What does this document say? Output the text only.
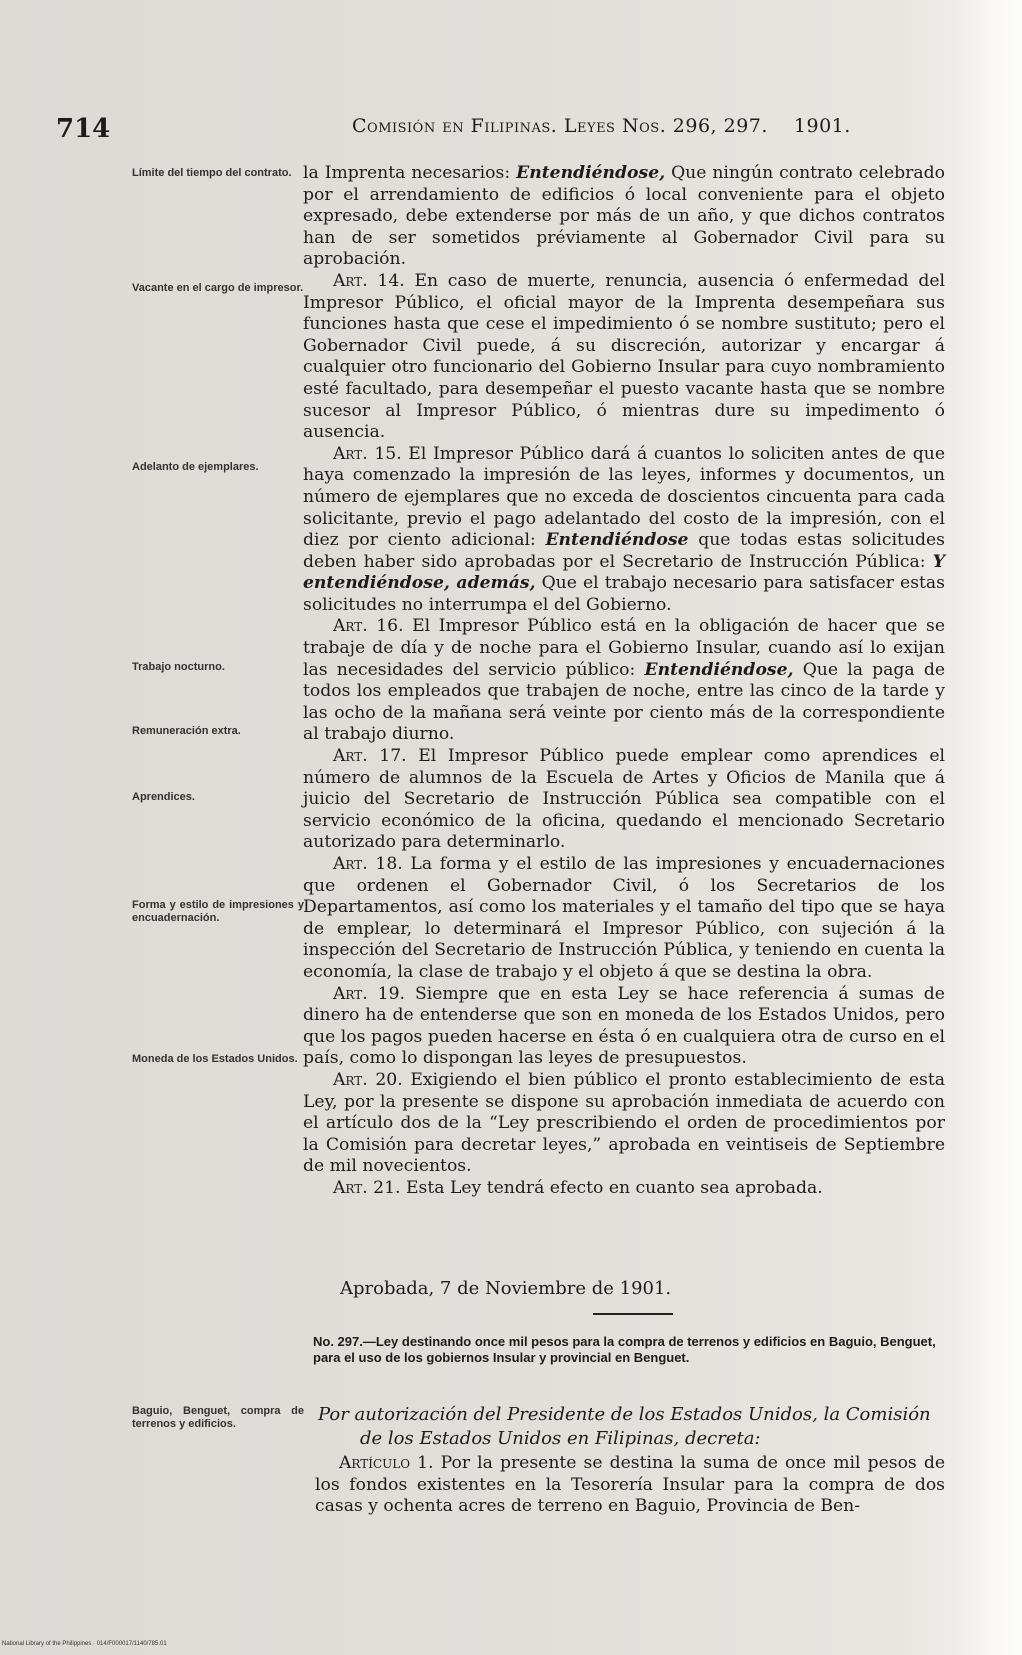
714	Comisión en Filipinas. Leyes Nos. 296, 297. 1901.
Límite del tiempo del contrato.
Vacante en el cargo de impresor.
Adelanto de ejemplares.
Trabajo nocturno.
Remuneración extra.
Aprendices.
Forma y estilo de impresiones y encuadernación.
Moneda de los Estados Unidos.
Baguio, Benguet, compra de terrenos y edificios.

la Imprenta necesarios: Entendiéndose, Que ningún contrato celebrado por el arrendamiento de edificios ó local conveniente para el objeto expresado, debe extenderse por más de un año, y que dichos contratos han de ser sometidos préviamente al Gobernador Civil para su aprobación.

Art. 14. En caso de muerte, renuncia, ausencia ó enfermedad del Impresor Público, el oficial mayor de la Imprenta desempeñara sus funciones hasta que cese el impedimiento ó se nombre sustituto; pero el Gobernador Civil puede, á su discreción, autorizar y encargar á cualquier otro funcionario del Gobierno Insular para cuyo nombramiento esté facultado, para desempeñar el puesto vacante hasta que se nombre sucesor al Impresor Público, ó mientras dure su impedimento ó ausencia.

Art. 15. El Impresor Público dará á cuantos lo soliciten antes de que haya comenzado la impresión de las leyes, informes y documentos, un número de ejemplares que no exceda de doscientos cincuenta para cada solicitante, previo el pago adelantado del costo de la impresión, con el diez por ciento adicional: Entendiéndose que todas estas solicitudes deben haber sido aprobadas por el Secretario de Instrucción Pública: Y entendiéndose, además, Que el trabajo necesario para satisfacer estas solicitudes no interrumpa el del Gobierno.

Art. 16. El Impresor Público está en la obligación de hacer que se trabaje de día y de noche para el Gobierno Insular, cuando así lo exijan las necesidades del servicio público: Entendiéndose, Que la paga de todos los empleados que trabajen de noche, entre las cinco de la tarde y las ocho de la mañana será veinte por ciento más de la correspondiente al trabajo diurno.

Art. 17. El Impresor Público puede emplear como aprendices el número de alumnos de la Escuela de Artes y Oficios de Manila que á juicio del Secretario de Instrucción Pública sea compatible con el servicio económico de la oficina, quedando el mencionado Secretario autorizado para determinarlo.

Art. 18. La forma y el estilo de las impresiones y encuadernaciones que ordenen el Gobernador Civil, ó los Secretarios de los Departamentos, así como los materiales y el tamaño del tipo que se haya de emplear, lo determinará el Impresor Público, con sujeción á la inspección del Secretario de Instrucción Pública, y teniendo en cuenta la economía, la clase de trabajo y el objeto á que se destina la obra.

Art. 19. Siempre que en esta Ley se hace referencia á sumas de dinero ha de entenderse que son en moneda de los Estados Unidos, pero que los pagos pueden hacerse en ésta ó en cualquiera otra de curso en el país, como lo dispongan las leyes de presupuestos.

Art. 20. Exigiendo el bien público el pronto establecimiento de esta Ley, por la presente se dispone su aprobación inmediata de acuerdo con el artículo dos de la “Ley prescribiendo el orden de procedimientos por la Comisión para decretar leyes,” aprobada en veintiseis de Septiembre de mil novecientos.

Art. 21. Esta Ley tendrá efecto en cuanto sea aprobada.

Aprobada, 7 de Noviembre de 1901.
No. 297.—Ley destinando once mil pesos para la compra de terrenos y edificios en Baguio, Benguet, para el uso de los gobiernos Insular y provincial en Benguet.
Por autorización del Presidente de los Estados Unidos, la Comisión
de los Estados Unidos en Filipinas, decreta:

Artículo 1. Por la presente se destina la suma de once mil pesos de los fondos existentes en la Tesorería Insular para la compra de dos casas y ochenta acres de terreno en Baguio, Provincia de Ben-

National Library of the Philippines · 014/F000017/1140/785.01
